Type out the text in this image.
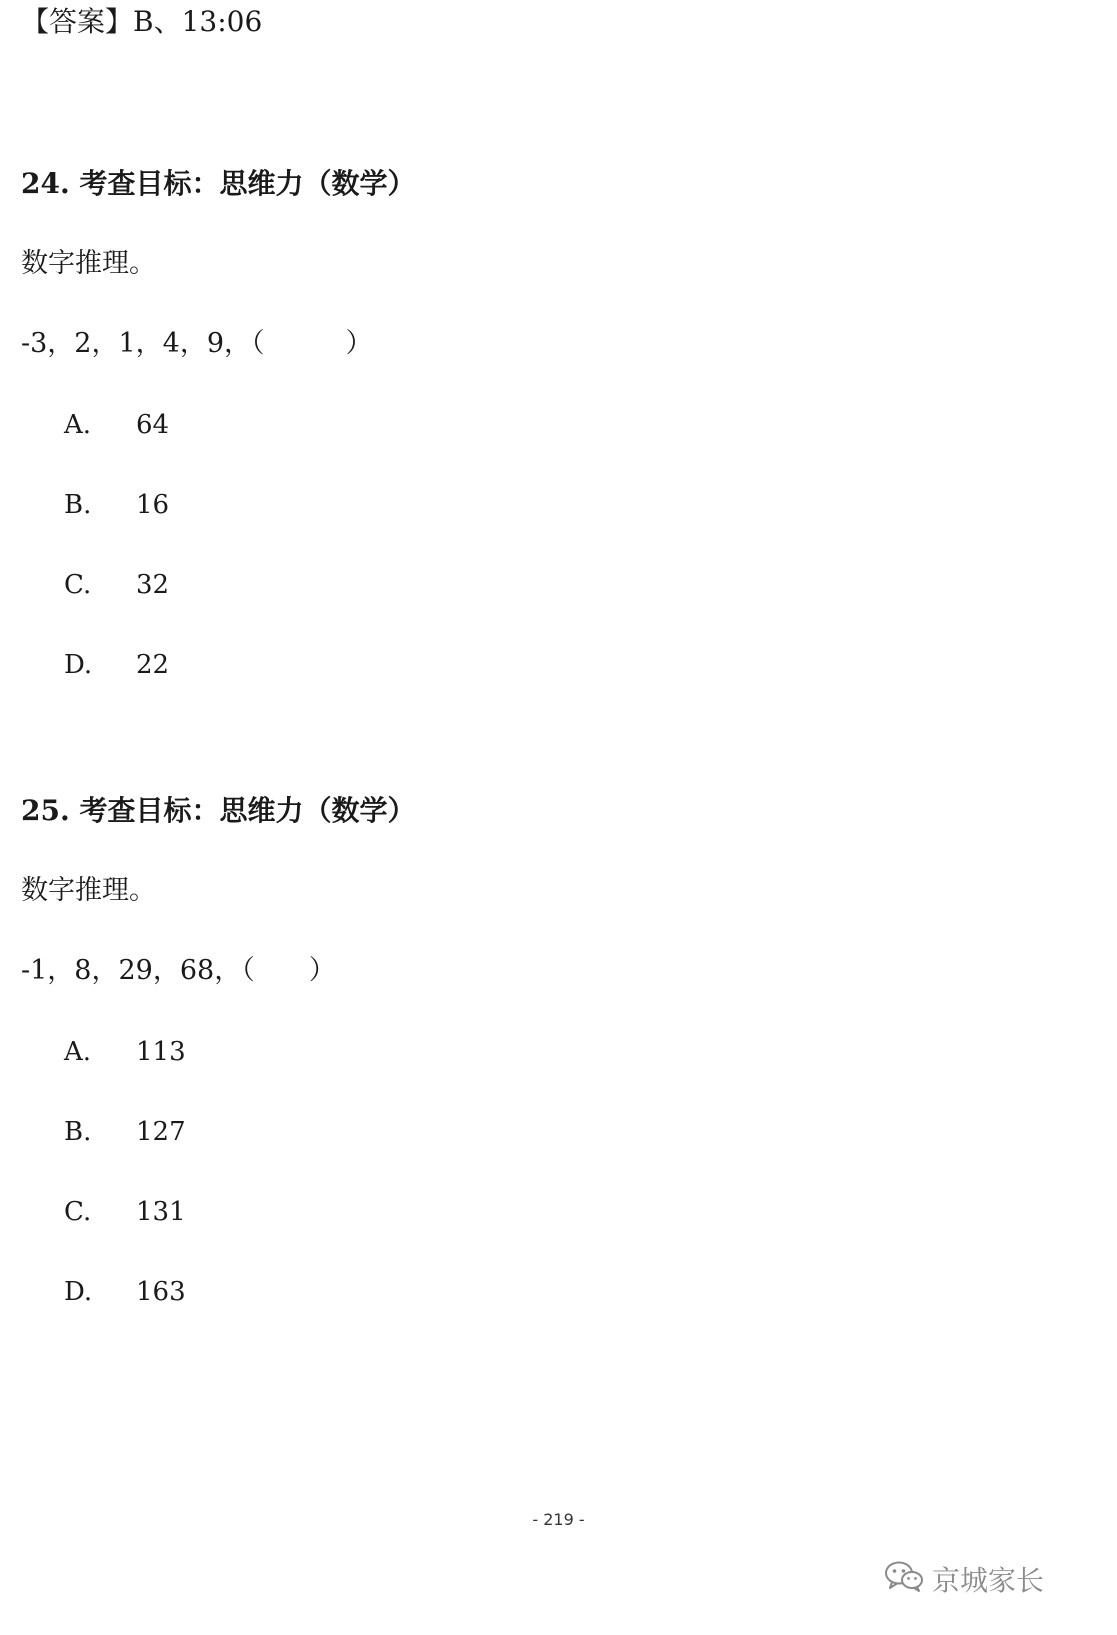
【答案】B、13:06
24. 考查目标：思维力（数学）
数字推理。
-3，2，1，4，9，（　　　）
A. 64
B. 16
C. 32
D. 22
25. 考查目标：思维力（数学）
数字推理。
-1，8，29，68，（　　）
A. 113
B. 127
C. 131
D. 163
- 219 -
京城家长
